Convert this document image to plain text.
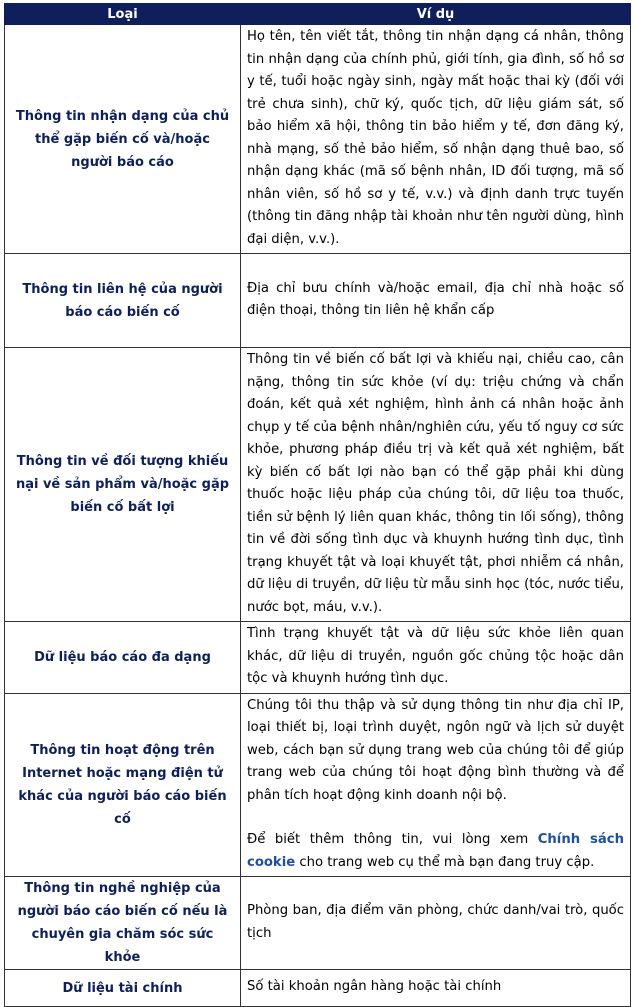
Loại	Ví dụ
Thông tin nhận dạng của chủ thể gặp biến cố và/hoặc người báo cáo	Họ tên, tên viết tắt, thông tin nhận dạng cá nhân, thông tin nhận dạng của chính phủ, giới tính, gia đình, số hồ sơ y tế, tuổi hoặc ngày sinh, ngày mất hoặc thai kỳ (đối với trẻ chưa sinh), chữ ký, quốc tịch, dữ liệu giám sát, số bảo hiểm xã hội, thông tin bảo hiểm y tế, đơn đăng ký, nhà mạng, số thẻ bảo hiểm, số nhận dạng thuê bao, số nhận dạng khác (mã số bệnh nhân, ID đối tượng, mã số nhân viên, số hồ sơ y tế, v.v.) và định danh trực tuyến (thông tin đăng nhập tài khoản như tên người dùng, hình đại diện, v.v.).
Thông tin liên hệ của người báo cáo biến cố	Địa chỉ bưu chính và/hoặc email, địa chỉ nhà hoặc số điện thoại, thông tin liên hệ khẩn cấp
Thông tin về đối tượng khiếu nại về sản phẩm và/hoặc gặp biến cố bất lợi	Thông tin về biến cố bất lợi và khiếu nại, chiều cao, cân nặng, thông tin sức khỏe (ví dụ: triệu chứng và chẩn đoán, kết quả xét nghiệm, hình ảnh cá nhân hoặc ảnh chụp y tế của bệnh nhân/nghiên cứu, yếu tố nguy cơ sức khỏe, phương pháp điều trị và kết quả xét nghiệm, bất kỳ biến cố bất lợi nào bạn có thể gặp phải khi dùng thuốc hoặc liệu pháp của chúng tôi, dữ liệu toa thuốc, tiền sử bệnh lý liên quan khác, thông tin lối sống), thông tin về đời sống tình dục và khuynh hướng tình dục, tình trạng khuyết tật và loại khuyết tật, phơi nhiễm cá nhân, dữ liệu di truyền, dữ liệu từ mẫu sinh học (tóc, nước tiểu, nước bọt, máu, v.v.).
Dữ liệu báo cáo đa dạng	Tình trạng khuyết tật và dữ liệu sức khỏe liên quan khác, dữ liệu di truyền, nguồn gốc chủng tộc hoặc dân tộc và khuynh hướng tình dục.
Thông tin hoạt động trên Internet hoặc mạng điện tử khác của người báo cáo biến cố	Chúng tôi thu thập và sử dụng thông tin như địa chỉ IP, loại thiết bị, loại trình duyệt, ngôn ngữ và lịch sử duyệt web, cách bạn sử dụng trang web của chúng tôi để giúp trang web của chúng tôi hoạt động bình thường và để phân tích hoạt động kinh doanh nội bộ.
Để biết thêm thông tin, vui lòng xem Chính sách cookie cho trang web cụ thể mà bạn đang truy cập.

Thông tin nghề nghiệp của người báo cáo biến cố nếu là chuyên gia chăm sóc sức khỏe	Phòng ban, địa điểm văn phòng, chức danh/vai trò, quốc tịch
Dữ liệu tài chính	Số tài khoản ngân hàng hoặc tài chính
